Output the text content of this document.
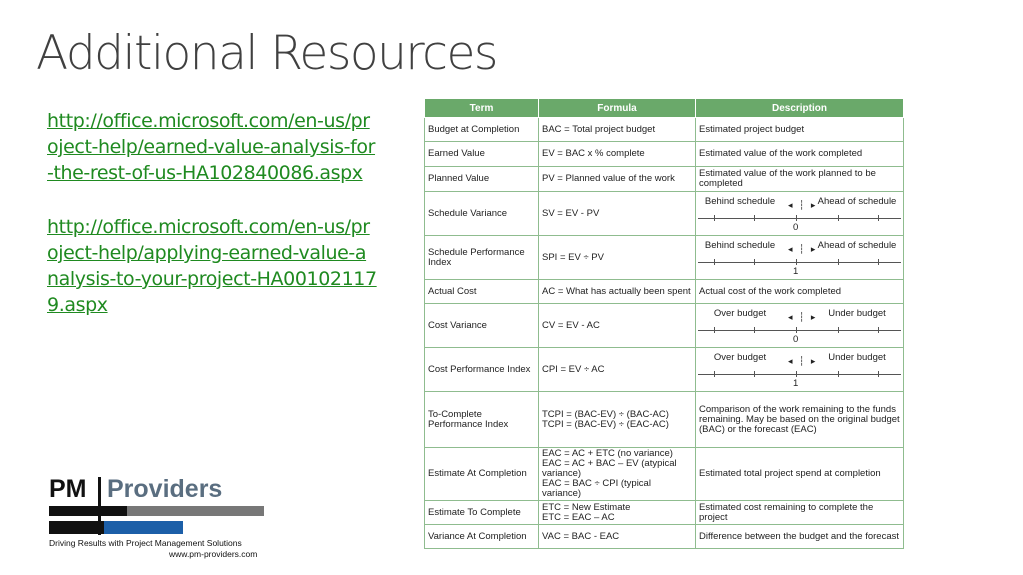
Additional Resources
http://office.microsoft.com/en-us/project-help/earned-value-analysis-for-the-rest-of-us-HA102840086.aspx
http://office.microsoft.com/en-us/project-help/applying-earned-value-analysis-to-your-project-HA001021179.aspx
PM Providers
Driving Results with Project Management Solutions
www.pm-providers.com
Term	Formula	Description
Budget at Completion	BAC = Total project budget	Estimated project budget
Earned Value	EV = BAC x % complete	Estimated value of the work completed
Planned Value	PV = Planned value of the work	Estimated value of the work planned to be completed
Schedule Variance	SV = EV - PV	Behind schedule Ahead of schedule
◂ ┆ ▸
0

Schedule Performance Index	SPI = EV ÷ PV	Behind schedule Ahead of schedule
◂ ┆ ▸
1

Actual Cost	AC = What has actually been spent	Actual cost of the work completed
Cost Variance	CV = EV - AC	Over budget Under budget
◂ ┆ ▸
0

Cost Performance Index	CPI = EV ÷ AC	Over budget Under budget
◂ ┆ ▸
1

To-Complete Performance Index	TCPI = (BAC-EV) ÷ (BAC-AC)
TCPI = (BAC-EV) ÷ (EAC-AC)	Comparison of the work remaining to the funds remaining. May be based on the original budget (BAC) or the forecast (EAC)
Estimate At Completion	EAC = AC + ETC (no variance)
EAC = AC + BAC – EV (atypical variance)
EAC = BAC ÷ CPI (typical variance)	Estimated total project spend at completion
Estimate To Complete	ETC = New Estimate
ETC = EAC – AC	Estimated cost remaining to complete the project
Variance At Completion	VAC = BAC - EAC	Difference between the budget and the forecast
